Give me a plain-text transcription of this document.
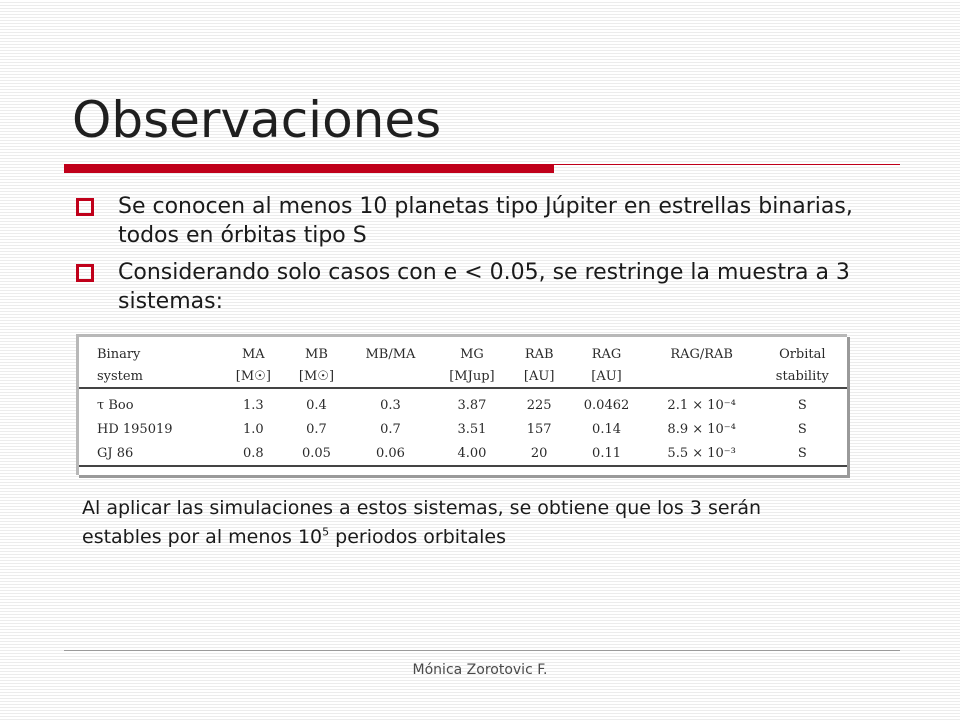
Observaciones
Se conocen al menos 10 planetas tipo Júpiter en estrellas binarias, todos en órbitas tipo S
Considerando solo casos con e < 0.05, se restringe la muestra a 3 sistemas:
Binary	MA	MB	MB/MA	MG	RAB	RAG	RAG/RAB	Orbital
system	[M☉]	[M☉]		[MJup]	[AU]	[AU]		stability
τ Boo	1.3	0.4	0.3	3.87	225	0.0462	2.1 × 10⁻⁴	S
HD 195019	1.0	0.7	0.7	3.51	157	0.14	8.9 × 10⁻⁴	S
GJ 86	0.8	0.05	0.06	4.00	20	0.11	5.5 × 10⁻³	S
Al aplicar las simulaciones a estos sistemas, se obtiene que los 3 serán estables por al menos $10^5$ periodos orbitales
Mónica Zorotovic F.
